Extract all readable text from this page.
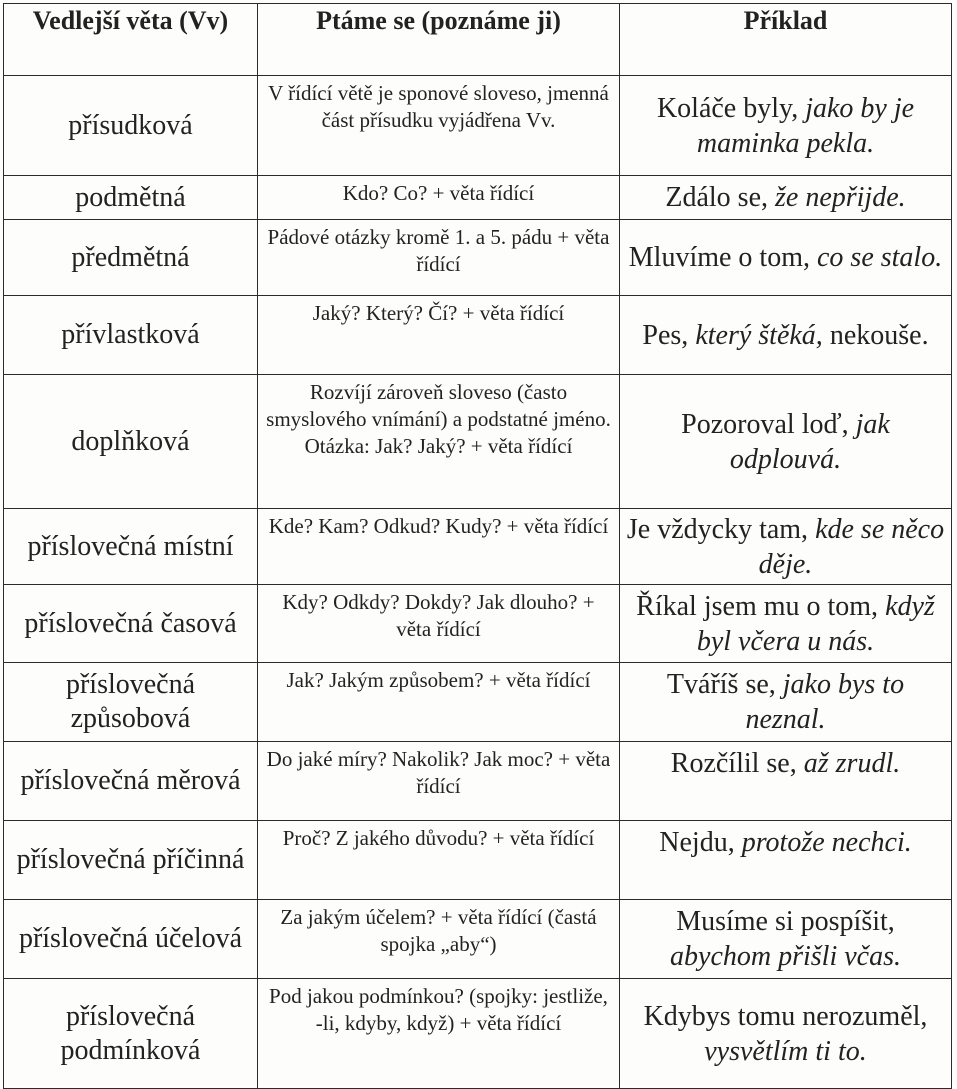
Vedlejší věta (Vv)	Ptáme se (poznáme ji)	Příklad
přísudková	V řídící větě je sponové sloveso, jmenná část přísudku vyjádřena Vv.	Koláče byly, jako by je maminka pekla.
podmětná	Kdo? Co? + věta řídící	Zdálo se, že nepřijde.
předmětná	Pádové otázky kromě 1. a 5. pádu + věta řídící	Mluvíme o tom, co se stalo.
přívlastková	Jaký? Který? Čí? + věta řídící	Pes, který štěká, nekouše.
doplňková	Rozvíjí zároveň sloveso (často smyslového vnímání) a podstatné jméno. Otázka: Jak? Jaký? + věta řídící	Pozoroval loď, jak odplouvá.
příslovečná místní	Kde? Kam? Odkud? Kudy? + věta řídící	Je vždycky tam, kde se něco děje.
příslovečná časová	Kdy? Odkdy? Dokdy? Jak dlouho? + věta řídící	Říkal jsem mu o tom, když byl včera u nás.
příslovečná způsobová	Jak? Jakým způsobem? + věta řídící	Tváříš se, jako bys to neznal.
příslovečná měrová	Do jaké míry? Nakolik? Jak moc? + věta řídící	Rozčílil se, až zrudl.
příslovečná příčinná	Proč? Z jakého důvodu? + věta řídící	Nejdu, protože nechci.
příslovečná účelová	Za jakým účelem? + věta řídící (častá spojka „aby“)	Musíme si pospíšit, abychom přišli včas.
příslovečná podmínková	Pod jakou podmínkou? (spojky: jestliže, -li, kdyby, když) + věta řídící	Kdybys tomu nerozuměl, vysvětlím ti to.
